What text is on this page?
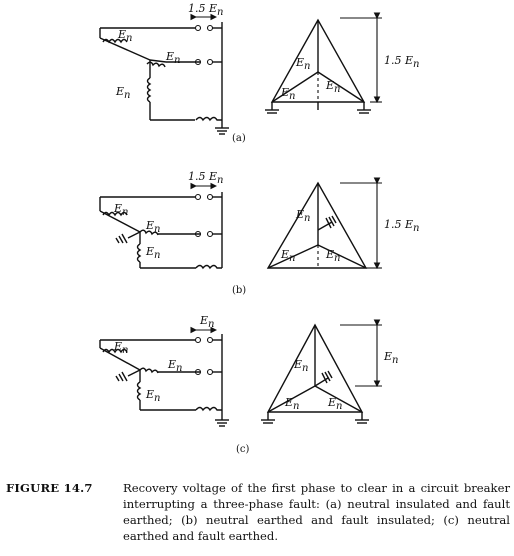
1.5 En
En
En
En
En
En
En
1.5 En
(a)
1.5 En
En
En
En
En
En	En
1.5 En
(b)
En
En
En
En
En
En	En
En
(c)
FIGURE 14.7	Recovery voltage of the first phase to clear in a circuit breaker interrupting a three-phase fault: (a) neutral insulated and fault earthed; (b) neutral earthed and fault insulated; (c) neutral earthed and fault earthed.
